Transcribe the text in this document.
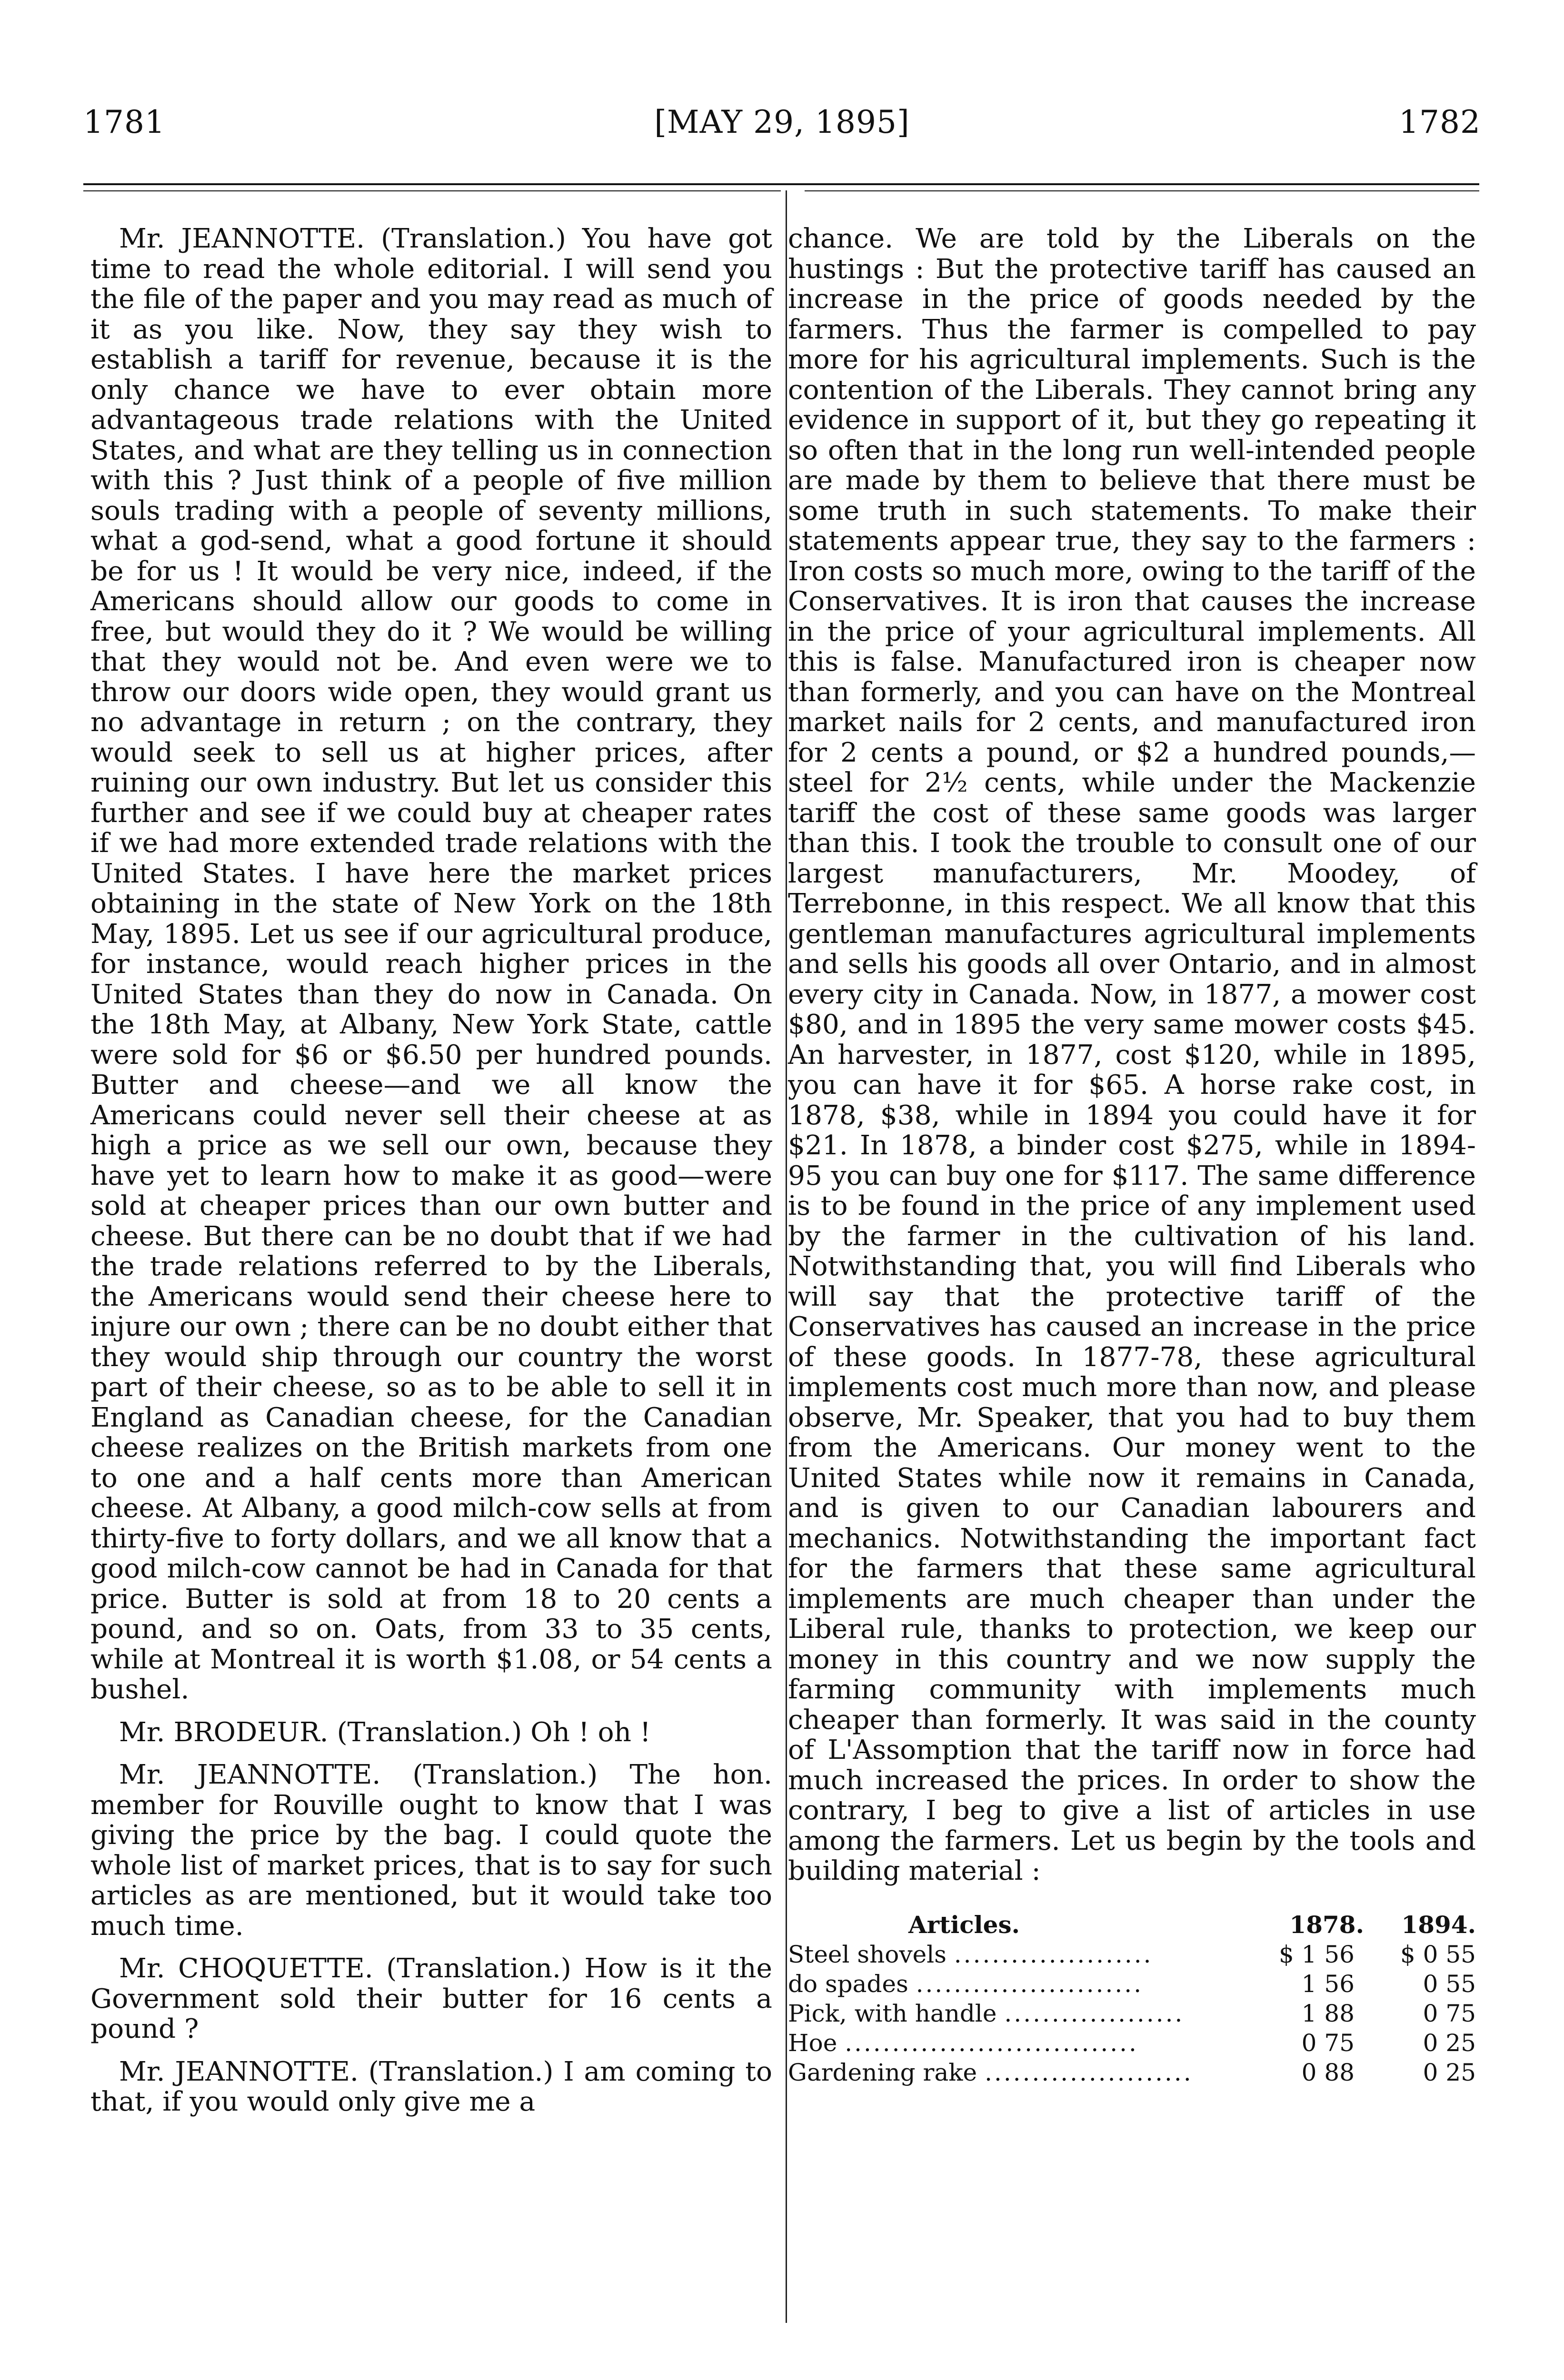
[MAY 29, 1895]
1781	1782

Mr. JEANNOTTE. (Translation.) You have got time to read the whole editorial. I will send you the file of the paper and you may read as much of it as you like. Now, they say they wish to establish a tariff for revenue, because it is the only chance we have to ever obtain more advantageous trade relations with the United States, and what are they telling us in connection with this ? Just think of a people of five million souls trading with a people of seventy millions, what a god-send, what a good fortune it should be for us ! It would be very nice, indeed, if the Americans should allow our goods to come in free, but would they do it ? We would be willing that they would not be. And even were we to throw our doors wide open, they would grant us no advantage in return ; on the contrary, they would seek to sell us at higher prices, after ruining our own industry. But let us consider this further and see if we could buy at cheaper rates if we had more extended trade relations with the United States. I have here the market prices obtaining in the state of New York on the 18th May, 1895. Let us see if our agricultural produce, for instance, would reach higher prices in the United States than they do now in Canada. On the 18th May, at Albany, New York State, cattle were sold for $6 or $6.50 per hundred pounds. Butter and cheese—and we all know the Americans could never sell their cheese at as high a price as we sell our own, because they have yet to learn how to make it as good—were sold at cheaper prices than our own butter and cheese. But there can be no doubt that if we had the trade relations referred to by the Liberals, the Americans would send their cheese here to injure our own ; there can be no doubt either that they would ship through our country the worst part of their cheese, so as to be able to sell it in England as Canadian cheese, for the Canadian cheese realizes on the British markets from one to one and a half cents more than American cheese. At Albany, a good milch-cow sells at from thirty-five to forty dollars, and we all know that a good milch-cow cannot be had in Canada for that price. Butter is sold at from 18 to 20 cents a pound, and so on. Oats, from 33 to 35 cents, while at Montreal it is worth $1.08, or 54 cents a bushel.

Mr. BRODEUR. (Translation.) Oh ! oh !

Mr. JEANNOTTE. (Translation.) The hon. member for Rouville ought to know that I was giving the price by the bag. I could quote the whole list of market prices, that is to say for such articles as are mentioned, but it would take too much time.

Mr. CHOQUETTE. (Translation.) How is it the Government sold their butter for 16 cents a pound ?

Mr. JEANNOTTE. (Translation.) I am coming to that, if you would only give me a

chance. We are told by the Liberals on the hustings : But the protective tariff has caused an increase in the price of goods needed by the farmers. Thus the farmer is compelled to pay more for his agricultural implements. Such is the contention of the Liberals. They cannot bring any evidence in support of it, but they go repeating it so often that in the long run well-intended people are made by them to believe that there must be some truth in such statements. To make their statements appear true, they say to the farmers : Iron costs so much more, owing to the tariff of the Conservatives. It is iron that causes the increase in the price of your agricultural implements. All this is false. Manufactured iron is cheaper now than formerly, and you can have on the Montreal market nails for 2 cents, and manufactured iron for 2 cents a pound, or $2 a hundred pounds,—steel for 2½ cents, while under the Mackenzie tariff the cost of these same goods was larger than this. I took the trouble to consult one of our largest manufacturers, Mr. Moodey, of Terrebonne, in this respect. We all know that this gentleman manufactures agricultural implements and sells his goods all over Ontario, and in almost every city in Canada. Now, in 1877, a mower cost $80, and in 1895 the very same mower costs $45. An harvester, in 1877, cost $120, while in 1895, you can have it for $65. A horse rake cost, in 1878, $38, while in 1894 you could have it for $21. In 1878, a binder cost $275, while in 1894-95 you can buy one for $117. The same difference is to be found in the price of any implement used by the farmer in the cultivation of his land. Notwithstanding that, you will find Liberals who will say that the protective tariff of the Conservatives has caused an increase in the price of these goods. In 1877-78, these agricultural implements cost much more than now, and please observe, Mr. Speaker, that you had to buy them from the Americans. Our money went to the United States while now it remains in Canada, and is given to our Canadian labourers and mechanics. Notwithstanding the important fact for the farmers that these same agricultural implements are much cheaper than under the Liberal rule, thanks to protection, we keep our money in this country and we now supply the farming community with implements much cheaper than formerly. It was said in the county of L'Assomption that the tariff now in force had much increased the prices. In order to show the contrary, I beg to give a list of articles in use among the farmers. Let us begin by the tools and building material :

Articles.	1878.	1894.
Steel shovels .....................	$ 1 56	$ 0 55
do spades ........................	1 56	0 55
Pick, with handle ...................	1 88	0 75
Hoe ...............................	0 75	0 25
Gardening rake ......................	0 88	0 25
